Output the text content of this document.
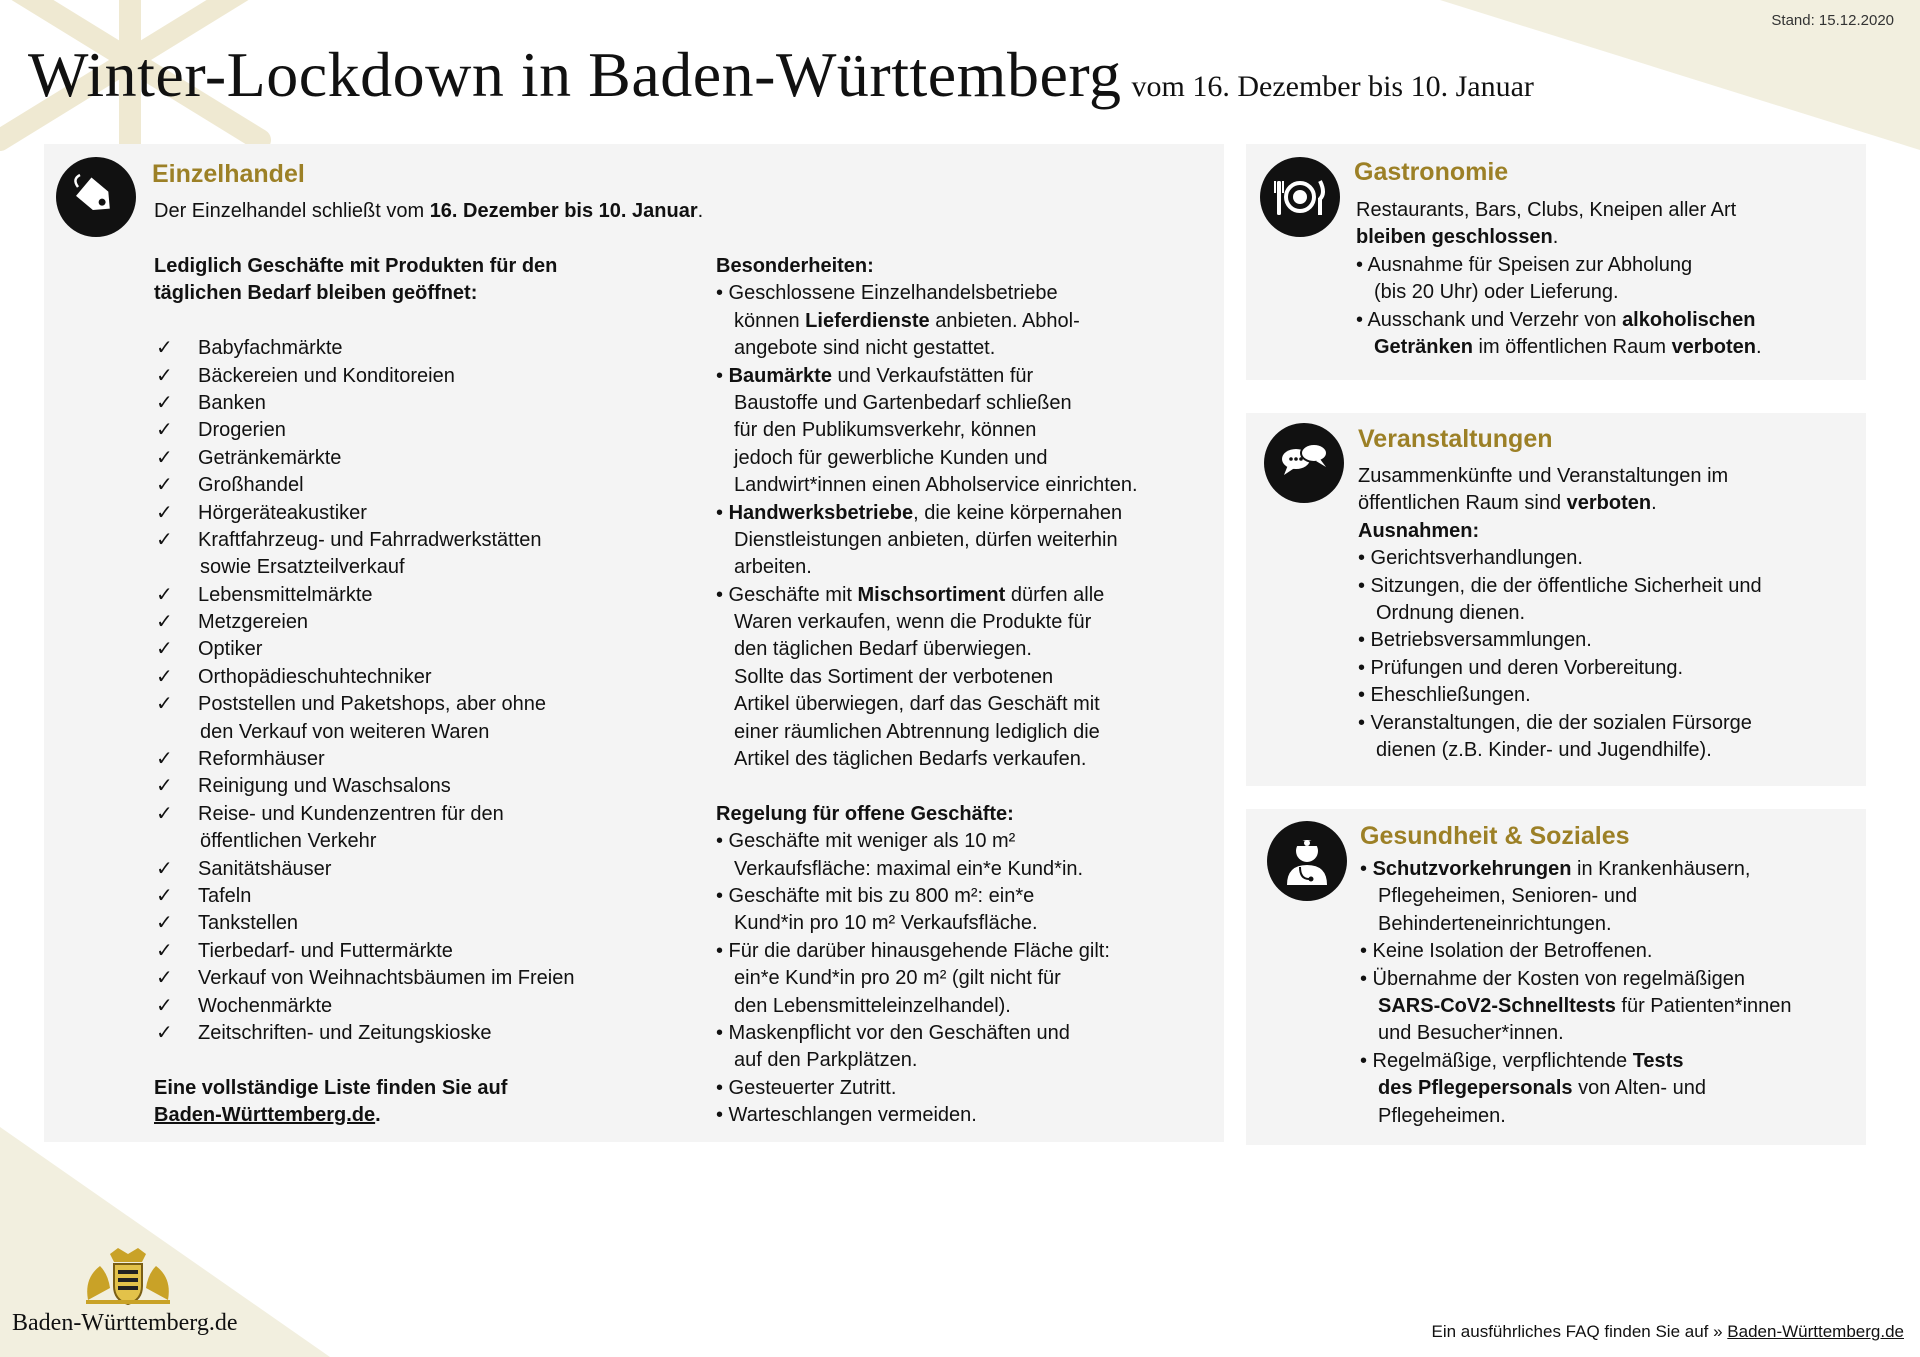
Stand: 15.12.2020
Winter-Lockdown in Baden-Württemberg vom 16. Dezember bis 10. Januar
Einzelhandel
Der Einzelhandel schließt vom 16. Dezember bis 10. Januar.
Lediglich Geschäfte mit Produkten für den
täglichen Bedarf bleiben geöffnet:
✓ Babyfachmärkte
✓ Bäckereien und Konditoreien
✓ Banken
✓ Drogerien
✓ Getränkemärkte
✓ Großhandel
✓ Hörgeräteakustiker
✓ Kraftfahrzeug- und Fahrradwerkstätten
sowie Ersatzteilverkauf
✓ Lebensmittelmärkte
✓ Metzgereien
✓ Optiker
✓ Orthopädieschuhtechniker
✓ Poststellen und Paketshops, aber ohne
den Verkauf von weiteren Waren
✓ Reformhäuser
✓ Reinigung und Waschsalons
✓ Reise- und Kundenzentren für den
öffentlichen Verkehr
✓ Sanitätshäuser
✓ Tafeln
✓ Tankstellen
✓ Tierbedarf- und Futtermärkte
✓ Verkauf von Weihnachtsbäumen im Freien
✓ Wochenmärkte
✓ Zeitschriften- und Zeitungskioske
Eine vollständige Liste finden Sie auf
Baden-Württemberg.de.
Besonderheiten:
• Geschlossene Einzelhandelsbetriebe
können Lieferdienste anbieten. Abhol-
angebote sind nicht gestattet.
• Baumärkte und Verkaufstätten für
Baustoffe und Gartenbedarf schließen
für den Publikumsverkehr, können
jedoch für gewerbliche Kunden und
Landwirt*innen einen Abholservice einrichten.
• Handwerksbetriebe, die keine körpernahen
Dienstleistungen anbieten, dürfen weiterhin
arbeiten.
• Geschäfte mit Mischsortiment dürfen alle
Waren verkaufen, wenn die Produkte für
den täglichen Bedarf überwiegen.
Sollte das Sortiment der verbotenen
Artikel überwiegen, darf das Geschäft mit
einer räumlichen Abtrennung lediglich die
Artikel des täglichen Bedarfs verkaufen.
Regelung für offene Geschäfte:
• Geschäfte mit weniger als 10 m²
Verkaufsfläche: maximal ein*e Kund*in.
• Geschäfte mit bis zu 800 m²: ein*e
Kund*in pro 10 m² Verkaufsfläche.
• Für die darüber hinausgehende Fläche gilt:
ein*e Kund*in pro 20 m² (gilt nicht für
den Lebensmitteleinzelhandel).
• Maskenpflicht vor den Geschäften und
auf den Parkplätzen.
• Gesteuerter Zutritt.
• Warteschlangen vermeiden.
Gastronomie
Restaurants, Bars, Clubs, Kneipen aller Art
bleiben geschlossen.
• Ausnahme für Speisen zur Abholung
(bis 20 Uhr) oder Lieferung.
• Ausschank und Verzehr von alkoholischen
Getränken im öffentlichen Raum verboten.
Veranstaltungen
Zusammenkünfte und Veranstaltungen im
öffentlichen Raum sind verboten.
Ausnahmen:
• Gerichtsverhandlungen.
• Sitzungen, die der öffentliche Sicherheit und
Ordnung dienen.
• Betriebsversammlungen.
• Prüfungen und deren Vorbereitung.
• Eheschließungen.
• Veranstaltungen, die der sozialen Fürsorge
dienen (z.B. Kinder- und Jugendhilfe).
Gesundheit & Soziales
• Schutzvorkehrungen in Krankenhäusern,
Pflegeheimen, Senioren- und
Behinderteneinrichtungen.
• Keine Isolation der Betroffenen.
• Übernahme der Kosten von regelmäßigen
SARS-CoV2-Schnelltests für Patienten*innen
und Besucher*innen.
• Regelmäßige, verpflichtende Tests
des Pflegepersonals von Alten- und
Pflegeheimen.
Baden-Württemberg.de	Ein ausführliches FAQ finden Sie auf » Baden-Württemberg.de
